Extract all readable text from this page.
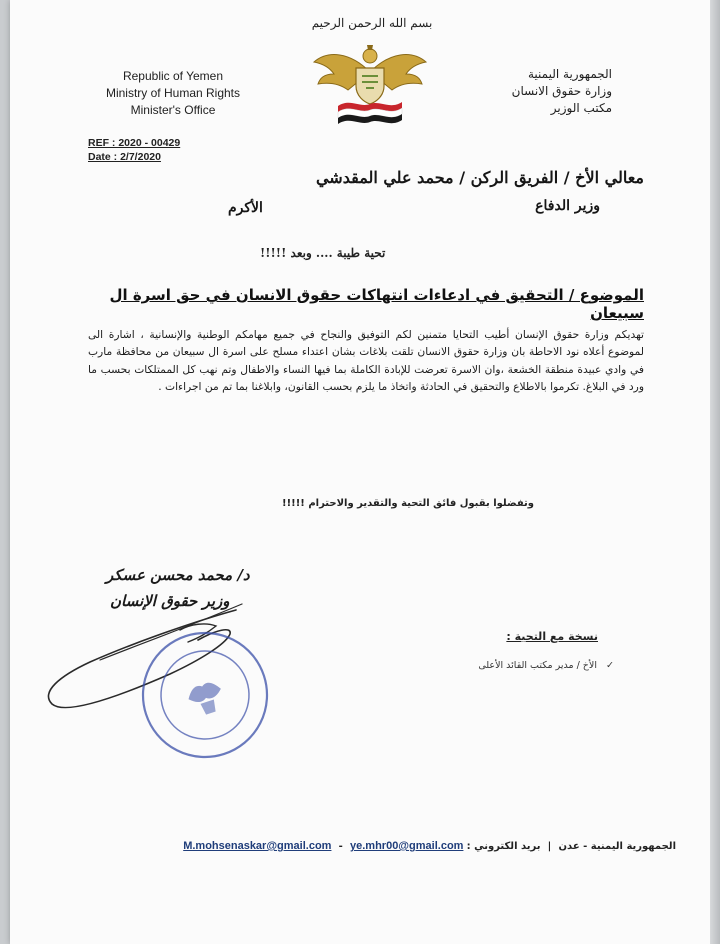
بسم الله الرحمن الرحيم
Republic of Yemen
Ministry of Human Rights
Minister's Office
الجمهورية اليمنية
وزارة حقوق الانسان
مكتب الوزير
REF : 2020 - 00429
Date : 2/7/2020
معالي الأخ / الفريق الركن / محمد علي المقدشي
وزير الدفاع
الأكرم
تحية طيبة .... وبعد !!!!!
الموضوع / التحقيق في ادعاءات انتهاكات حقوق الانسان في حق اسرة ال سبيعان
تهديكم وزارة حقوق الإنسان أطيب التحايا متمنين لكم التوفيق والنجاح في جميع مهامكم الوطنية والإنسانية ، اشارة الى لموضوع أعلاه نود الاحاطة بان وزارة حقوق الانسان تلقت بلاغات بشان اعتداء مسلح على اسرة ال سبيعان من محافظة مارب في وادي عبيدة منطقة الخشعة ،وان الاسرة تعرضت للإبادة الكاملة بما فيها النساء والاطفال وتم نهب كل الممتلكات بحسب ما ورد في البلاغ. تكرموا بالاطلاع والتحقيق في الحادثة واتخاذ ما يلزم بحسب القانون، وابلاغنا بما تم من اجراءات .
وتفضلوا بقبول فائق التحية والتقدير والاحترام !!!!!
د/ محمد محسن عسكر
وزير حقوق الإنسان
نسخة مع التحية :
✓ الأخ / مدير مكتب القائد الأعلى
الجمهورية اليمنية - عدن | بريد الكتروني : M.mohsenaskar@gmail.com - ye.mhr00@gmail.com
